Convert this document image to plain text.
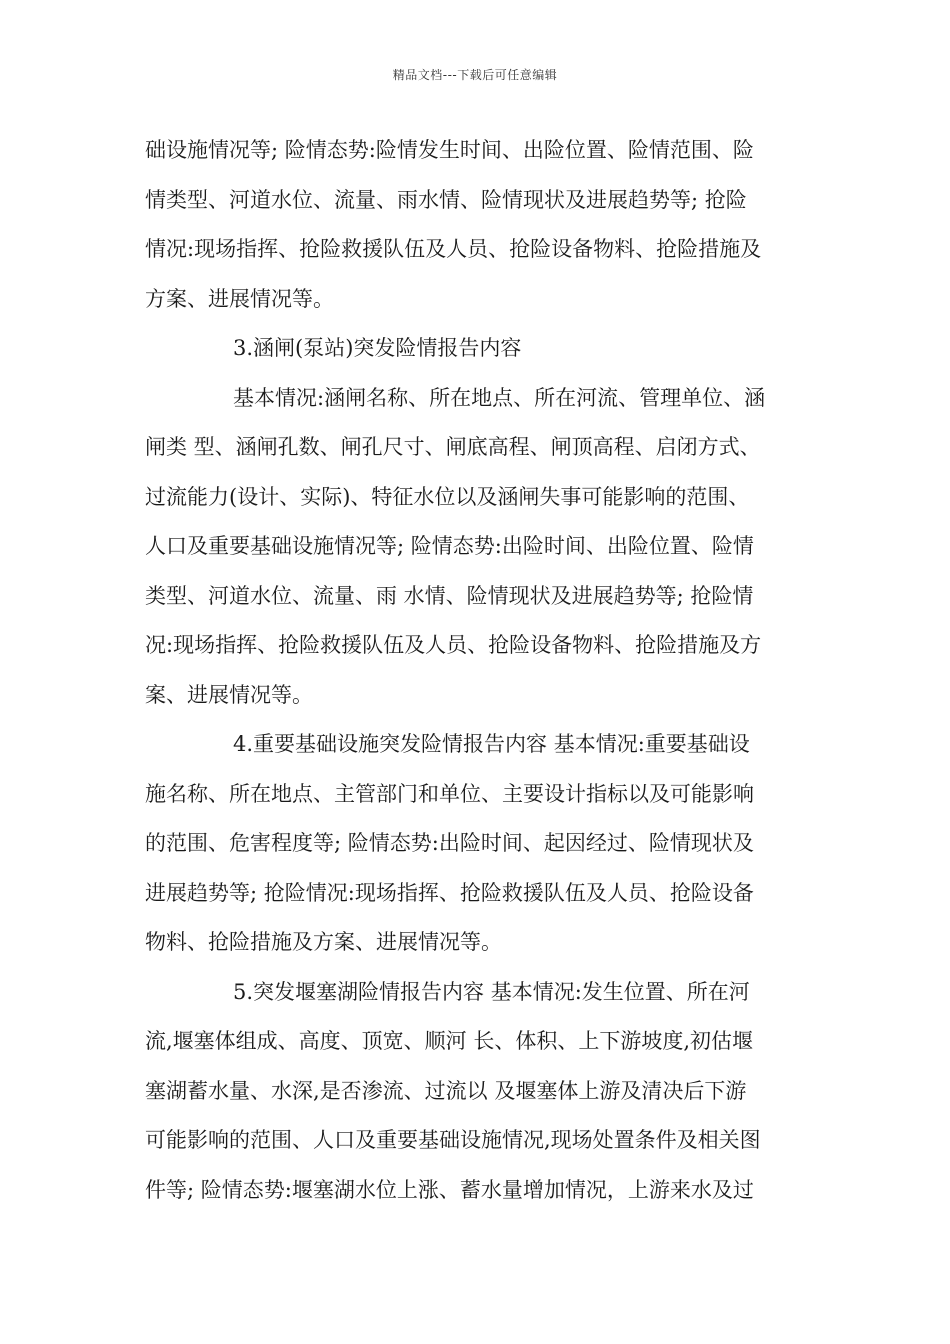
精品文档---下载后可任意编辑
础设施情况等; 险情态势:险情发生时间、出险位置、险情范围、险
情类型、河道水位、流量、雨水情、险情现状及进展趋势等; 抢险
情况:现场指挥、抢险救援队伍及人员、抢险设备物料、抢险措施及
方案、进展情况等。
3.涵闸(泵站)突发险情报告内容
基本情况:涵闸名称、所在地点、所在河流、管理单位、涵
闸类 型、涵闸孔数、闸孔尺寸、闸底高程、闸顶高程、启闭方式、
过流能力(设计、实际)、特征水位以及涵闸失事可能影响的范围、
人口及重要基础设施情况等; 险情态势:出险时间、出险位置、险情
类型、河道水位、流量、雨 水情、险情现状及进展趋势等; 抢险情
况:现场指挥、抢险救援队伍及人员、抢险设备物料、抢险措施及方
案、进展情况等。
4.重要基础设施突发险情报告内容 基本情况:重要基础设
施名称、所在地点、主管部门和单位、主要设计指标以及可能影响
的范围、危害程度等; 险情态势:出险时间、起因经过、险情现状及
进展趋势等; 抢险情况:现场指挥、抢险救援队伍及人员、抢险设备
物料、抢险措施及方案、进展情况等。
5.突发堰塞湖险情报告内容 基本情况:发生位置、所在河
流,堰塞体组成、高度、顶宽、顺河 长、体积、上下游坡度,初估堰
塞湖蓄水量、水深,是否渗流、过流以 及堰塞体上游及清决后下游
可能影响的范围、人口及重要基础设施情况,现场处置条件及相关图
件等; 险情态势:堰塞湖水位上涨、蓄水量增加情况，上游来水及过
